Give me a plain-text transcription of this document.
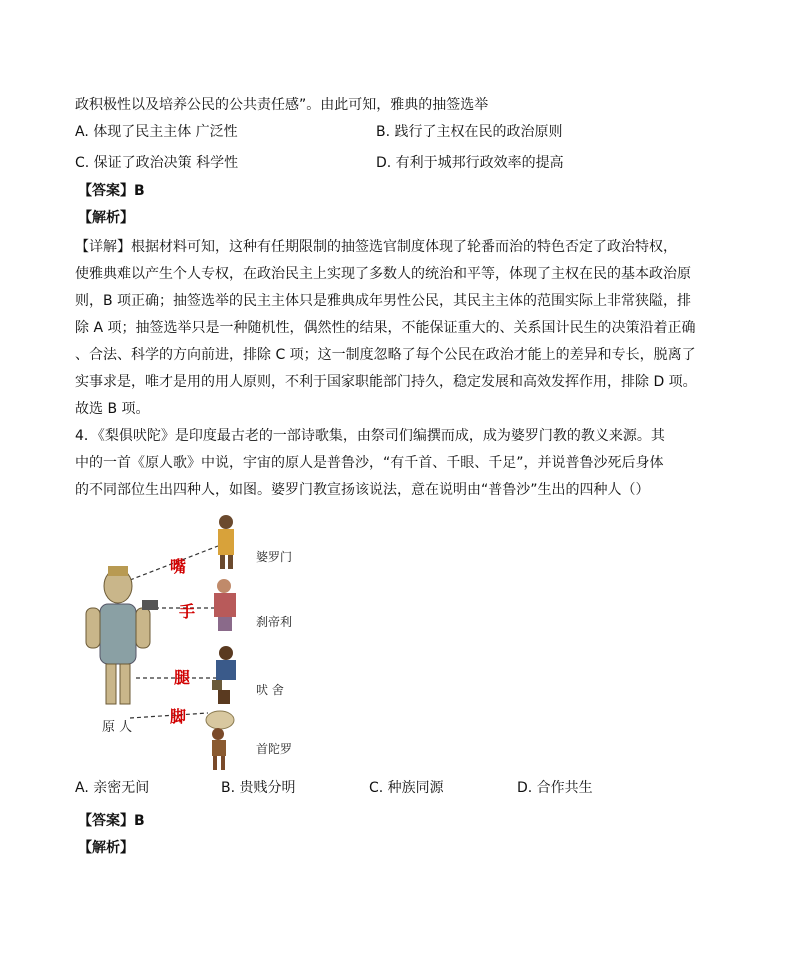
政积极性以及培养公民的公共责任感”。由此可知，雅典的抽签选举
A. 体现了民主主体 广泛性	B. 践行了主权在民的政治原则
C. 保证了政治决策 科学性	D. 有利于城邦行政效率的提高
【答案】B
【解析】
【详解】根据材料可知，这种有任期限制的抽签选官制度体现了轮番而治的特色否定了政治特权，
使雅典难以产生个人专权，在政治民主上实现了多数人的统治和平等，体现了主权在民的基本政治原
则，B 项正确；抽签选举的民主主体只是雅典成年男性公民，其民主主体的范围实际上非常狭隘，排
除 A 项；抽签选举只是一种随机性，偶然性的结果，不能保证重大的、关系国计民生的决策沿着正确
、合法、科学的方向前进，排除 C 项；这一制度忽略了每个公民在政治才能上的差异和专长，脱离了
实事求是，唯才是用的用人原则，不利于国家职能部门持久，稳定发展和高效发挥作用，排除 D 项。
故选 B 项。
4．《梨俱吠陀》是印度最古老的一部诗歌集，由祭司们编撰而成，成为婆罗门教的教义来源。其
中的一首《原人歌》中说，宇宙的原人是普鲁沙，“有千首、千眼、千足”，并说普鲁沙死后身体
的不同部位生出四种人，如图。婆罗门教宣扬该说法，意在说明由“普鲁沙”生出的四种人（）
嘴
手
腿
脚
婆罗门
刹帝利
吠 舍
首陀罗
原 人
A. 亲密无间	B. 贵贱分明	C. 种族同源	D. 合作共生
【答案】B
【解析】
